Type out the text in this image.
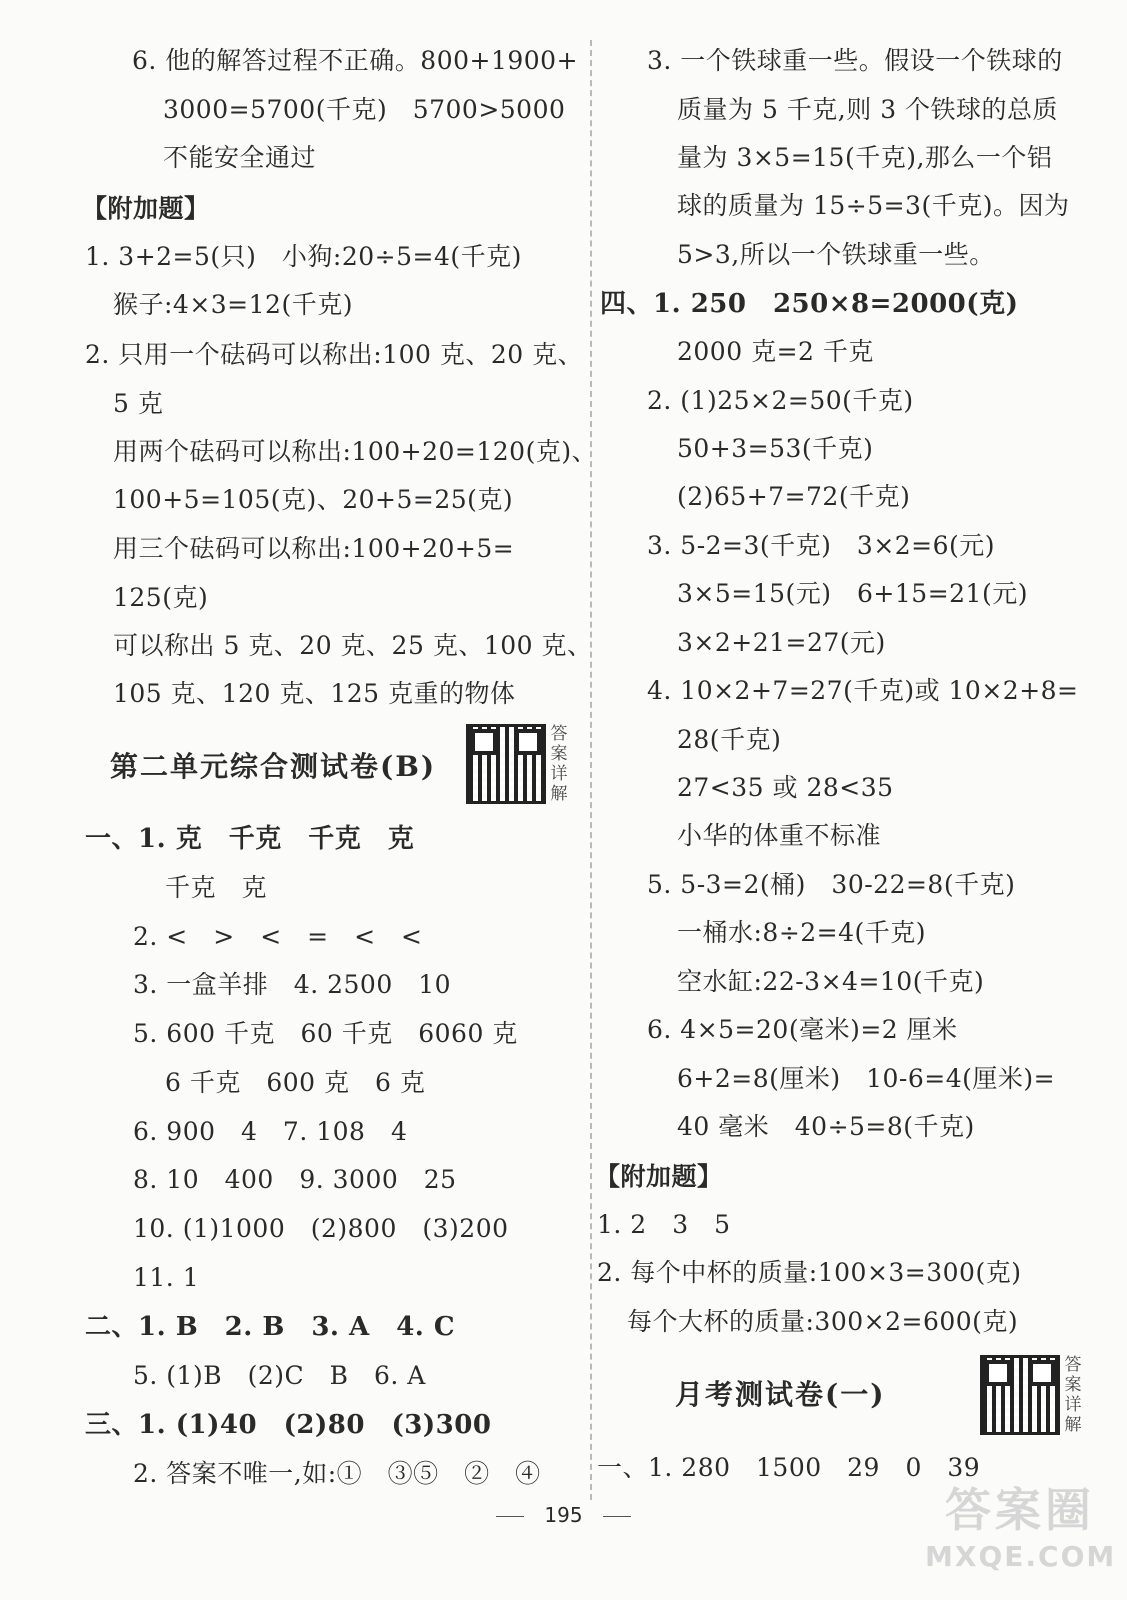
6. 他的解答过程不正确。800+1900+
3000=5700(千克)　5700>5000
不能安全通过
【附加题】
1. 3+2=5(只)　小狗:20÷5=4(千克)
猴子:4×3=12(千克)
2. 只用一个砝码可以称出:100 克、20 克、
5 克
用两个砝码可以称出:100+20=120(克)、
100+5=105(克)、20+5=25(克)
用三个砝码可以称出:100+20+5=
125(克)
可以称出 5 克、20 克、25 克、100 克、
105 克、120 克、125 克重的物体
第二单元综合测试卷(B)
答案详解
一、1. 克　千克　千克　克
千克　克
2. <　>　<　=　<　<
3. 一盒羊排　4. 2500　10
5. 600 千克　60 千克　6060 克
6 千克　600 克　6 克
6. 900　4　7. 108　4
8. 10　400　9. 3000　25
10. (1)1000　(2)800　(3)200
11. 1
二、1. B　2. B　3. A　4. C
5. (1)B　(2)C　B　6. A
三、1. (1)40　(2)80　(3)300
2. 答案不唯一,如:①　③⑤　②　④
3. 一个铁球重一些。假设一个铁球的
质量为 5 千克,则 3 个铁球的总质
量为 3×5=15(千克),那么一个铝
球的质量为 15÷5=3(千克)。因为
5>3,所以一个铁球重一些。
四、1. 250　250×8=2000(克)
2000 克=2 千克
2. (1)25×2=50(千克)
50+3=53(千克)
(2)65+7=72(千克)
3. 5-2=3(千克)　3×2=6(元)
3×5=15(元)　6+15=21(元)
3×2+21=27(元)
4. 10×2+7=27(千克)或 10×2+8=
28(千克)
27<35 或 28<35
小华的体重不标准
5. 5-3=2(桶)　30-22=8(千克)
一桶水:8÷2=4(千克)
空水缸:22-3×4=10(千克)
6. 4×5=20(毫米)=2 厘米
6+2=8(厘米)　10-6=4(厘米)=
40 毫米　40÷5=8(千克)
【附加题】
1. 2　3　5
2. 每个中杯的质量:100×3=300(克)
每个大杯的质量:300×2=600(克)
月考测试卷(一)
答案详解
一、1. 280　1500　29　0　39
195	答案圈
MXQE.COM
